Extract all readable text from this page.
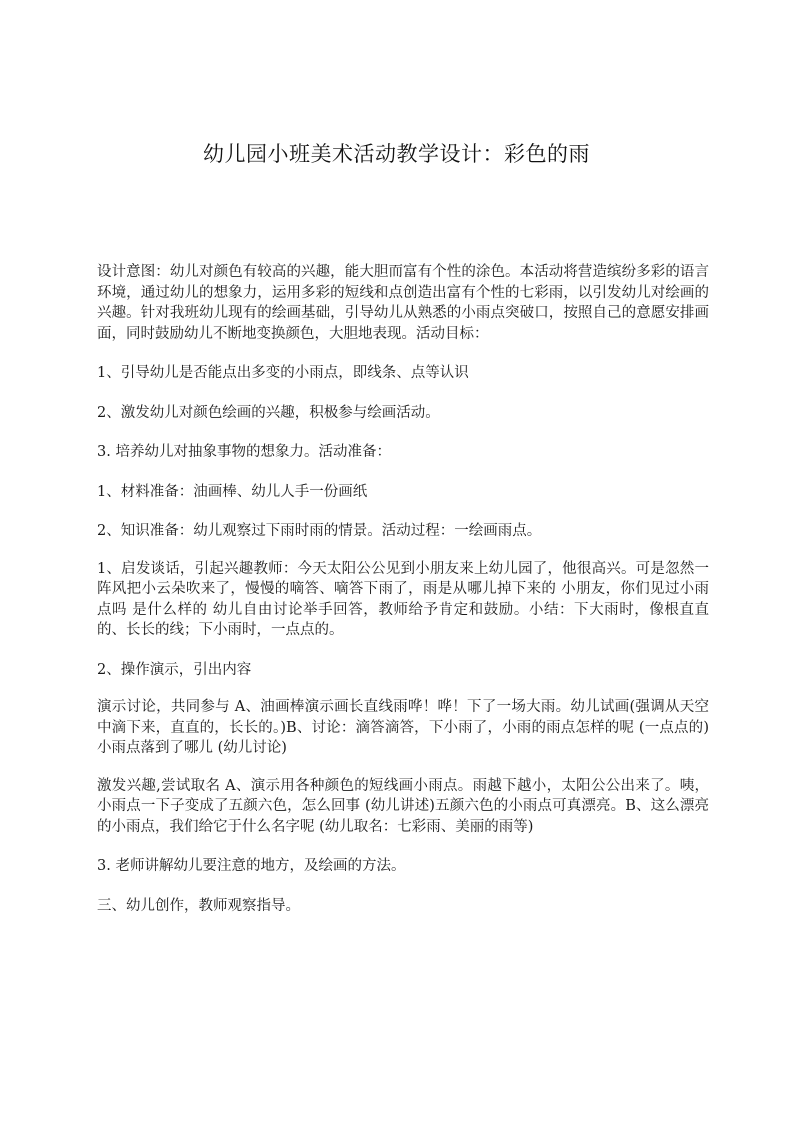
幼儿园小班美术活动教学设计：彩色的雨

设计意图：幼儿对颜色有较高的兴趣，能大胆而富有个性的涂色。本活动将营造缤纷多彩的语言环境，通过幼儿的想象力，运用多彩的短线和点创造出富有个性的七彩雨，以引发幼儿对绘画的兴趣。针对我班幼儿现有的绘画基础，引导幼儿从熟悉的小雨点突破口，按照自己的意愿安排画面，同时鼓励幼儿不断地变换颜色，大胆地表现。活动目标：

1、引导幼儿是否能点出多变的小雨点，即线条、点等认识

2、激发幼儿对颜色绘画的兴趣，积极参与绘画活动。

3. 培养幼儿对抽象事物的想象力。活动准备：

1、材料准备：油画棒、幼儿人手一份画纸

2、知识准备：幼儿观察过下雨时雨的情景。活动过程：一绘画雨点。

1、启发谈话，引起兴趣教师：今天太阳公公见到小朋友来上幼儿园了，他很高兴。可是忽然一阵风把小云朵吹来了，慢慢的嘀答、嘀答下雨了，雨是从哪儿掉下来的 小朋友，你们见过小雨点吗 是什么样的 幼儿自由讨论举手回答，教师给予肯定和鼓励。小结：下大雨时，像根直直的、长长的线；下小雨时，一点点的。

2、操作演示，引出内容

演示讨论，共同参与 A、油画棒演示画长直线雨哗！哗！下了一场大雨。幼儿试画(强调从天空中滴下来，直直的，长长的。)B、讨论：滴答滴答，下小雨了，小雨的雨点怎样的呢 (一点点的)小雨点落到了哪儿 (幼儿讨论)

激发兴趣,尝试取名 A、演示用各种颜色的短线画小雨点。雨越下越小，太阳公公出来了。咦，小雨点一下子变成了五颜六色，怎么回事 (幼儿讲述)五颜六色的小雨点可真漂亮。B、这么漂亮的小雨点，我们给它于什么名字呢 (幼儿取名：七彩雨、美丽的雨等)

3. 老师讲解幼儿要注意的地方，及绘画的方法。

三、幼儿创作，教师观察指导。
